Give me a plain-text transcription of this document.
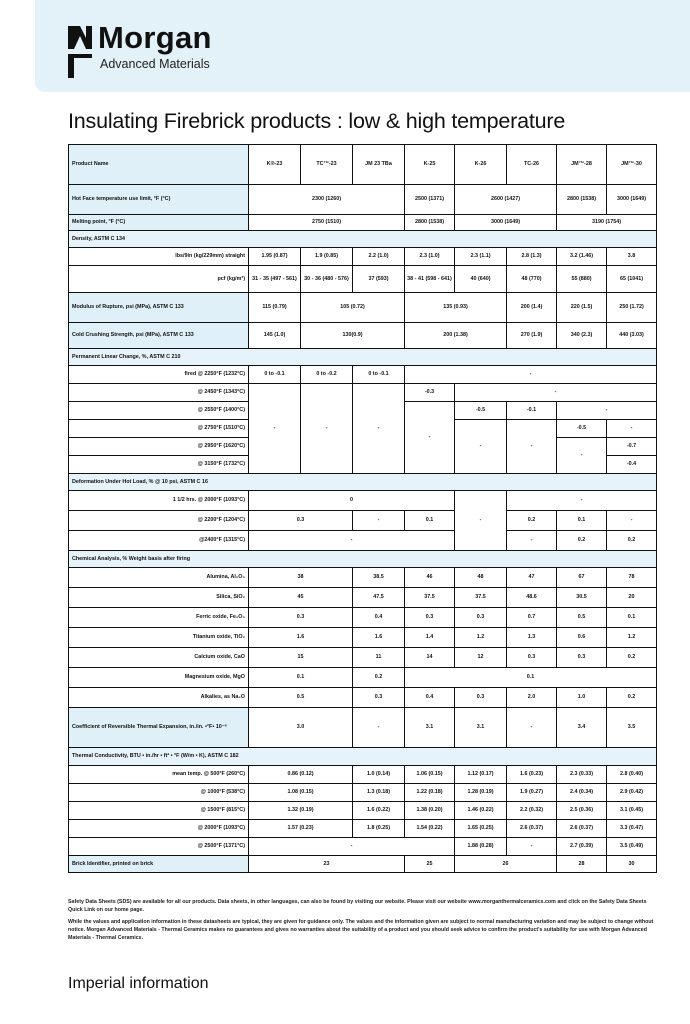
Morgan
Advanced Materials
Insulating Firebrick products : low & high temperature
Product Name	K®-23	TC™-23	JM 23 TBa	K-25	K-26	TC-26	JM™-28	JM™-30
Hot Face temperature use limit, °F (°C)	2300 (1260)			2500 (1371)	2600 (1427)		2800 (1538)	3000 (1649)
Melting point, °F (°C)	2750 (1510)			2800 (1538)	3000 (1649)		3190 (1754)	
Density, ASTM C 134								
lbs/9in (kg/229mm) straight	1.95 (0.87)	1.9 (0.85)	2.2 (1.0)	2.3 (1.0)	2.3 (1.1)	2.8 (1.3)	3.2 (1.46)	3.8
pcf (kg/m³)	31 - 35 (497 - 561)	30 - 36 (480 - 576)	37 (593)	38 - 41 (598 - 641)	40 (640)	48 (770)	55 (880)	65 (1041)
Modulus of Rupture, psi (MPa), ASTM C 133	115 (0.79)	105 (0.72)		135 (0.93)		200 (1.4)	220 (1.5)	250 (1.72)
Cold Crushing Strength, psi (MPa), ASTM C 133	145 (1.0)	130(0.9)		200 (1.38)		270 (1.9)	340 (2.3)	440 (3.03)
Permanent Linear Change, %, ASTM C 210								
fired @ 2250°F (1232°C)	0 to -0.1	0 to -0.2	0 to -0.1	-				
@ 2450°F (1343°C)	-	-	-	-0.3	-			
@ 2550°F (1400°C)				-	-0.5	-0.1	-	
@ 2750°F (1510°C)					-	-	-0.5	-
@ 2950°F (1620°C)							-	-0.7
@ 3150°F (1732°C)								-0.4
Deformation Under Hot Load, % @ 10 psi, ASTM C 16								
1 1/2 hrs. @ 2000°F (1093°C)	0				-	-		
@ 2200°F (1204°C)	0.3		-	0.1		0.2	0.1	-
@2400°F (1315°C)	-					-	0.2	0.2
Chemical Analysis, % Weight basis after firing								
Alumina, Al₂O₃	38		38.5	46	48	47	67	78
Silica, SiO₂	45		47.5	37.5	37.5	48.6	30.5	20
Ferric oxide, Fe₂O₃	0.3		0.4	0.3	0.3	0.7	0.5	0.1
Titanium oxide, TiO₂	1.6		1.6	1.4	1.2	1.3	0.6	1.2
Calcium oxide, CaO	15		11	14	12	0.3	0.3	0.2
Magnesium oxide, MgO	0.1		0.2	0.1				
Alkalies, as Na₂O	0.5		0.3	0.4	0.3	2.0	1.0	0.2
Coefficient of Reversible Thermal Expansion, in./in. •°F• 10⁻⁶	3.0		-	3.1	3.1	-	3.4	3.5
Thermal Conductivity, BTU • in./hr • ft² • °F (W/m • K), ASTM C 182								
mean temp. @ 500°F (260°C)	0.86 (0.12)		1.0 (0.14)	1.06 (0.15)	1.12 (0.17)	1.6 (0.23)	2.3 (0.33)	2.8 (0.40)
@ 1000°F (538°C)	1.08 (0.15)		1.3 (0.18)	1.22 (0.18)	1.28 (0.19)	1.9 (0.27)	2.4 (0.34)	2.9 (0.42)
@ 1500°F (815°C)	1.32 (0.19)		1.6 (0.22)	1.38 (0.20)	1.46 (0.22)	2.2 (0.32)	2.5 (0.36)	3.1 (0.45)
@ 2000°F (1093°C)	1.57 (0.23)		1.8 (0.25)	1.54 (0.22)	1.65 (0.25)	2.6 (0.37)	2.6 (0.37)	3.3 (0.47)
@ 2500°F (1371°C)	-				1.88 (0.28)	-	2.7 (0.39)	3.5 (0.49)
Brick Identifier, printed on brick	23			25	26		28	30

Safety Data Sheets (SDS) are available for all our products. Data sheets, in other languages, can also be found by visiting our website. Please visit our website www.morganthermalceramics.com and click on the Safety Data Sheets Quick Link on our home page.

While the values and application information in these datasheets are typical, they are given for guidance only. The values and the information given are subject to normal manufacturing variation and may be subject to change without notice. Morgan Advanced Materials - Thermal Ceramics makes no guarantees and gives no warranties about the suitability of a product and you should seek advice to confirm the product's suitability for use with Morgan Advanced Materials - Thermal Ceramics.

Imperial information
